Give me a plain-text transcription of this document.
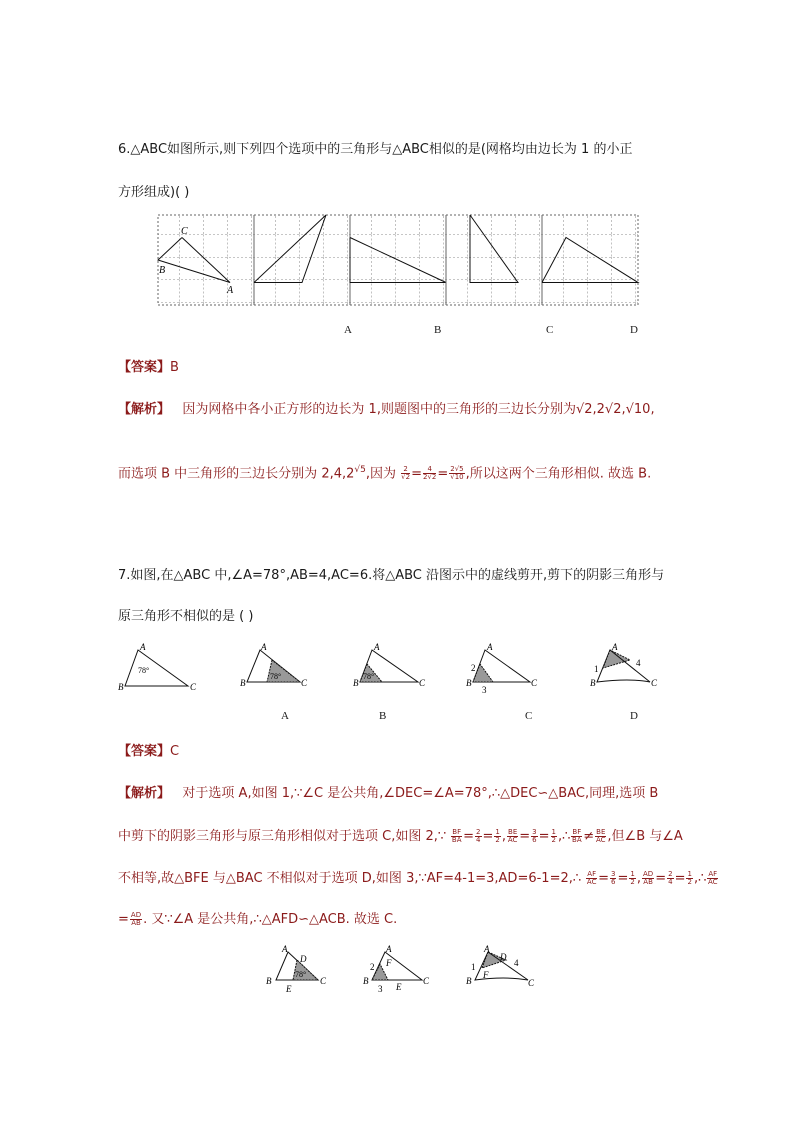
6.△ABC如图所示,则下列四个选项中的三角形与△ABC相似的是(网格均由边长为 1 的小正
方形组成)( )
C
B
A
A	B	C	D
【答案】B
【解析】 因为网格中各小正方形的边长为 1,则题图中的三角形的三边长分别为√2,2√2,√10,
而选项 B 中三角形的三边长分别为 $2,4,2^{√5}$,因为 $\frac{2}{√2} = \frac{4}{2√2} = \frac{2√5}{√10}$ ,所以这两个三角形相似. 故选 B.
7.如图,在△ABC 中,∠A=78°,AB=4,AC=6.将△ABC 沿图示中的虚线剪开,剪下的阴影三角形与
原三角形不相似的是 ( )
A
B	C
78°
A
B	C
78°
A
B	C
78°
A
B	C
2
3
A
B	C
1
4
A	B	C	D
【答案】C
【解析】 对于选项 A,如图 1,∵∠C 是公共角,∠DEC=∠A=78°,∴△DEC∽△BAC,同理,选项 B
中剪下的阴影三角形与原三角形相似对于选项 C,如图 2,∵ $\frac{BF}{BA} = \frac{2}{4} = \frac{1}{2}$ , $\frac{BE}{AC} = \frac{3}{6} = \frac{1}{2}$ ,∴ $\frac{BF}{BA} \ne \frac{BE}{AC}$ ,但∠B 与∠A
不相等,故△BFE 与△BAC 不相似对于选项 D,如图 3,∵AF=4-1=3,AD=6-1=2,∴ $\frac{AF}{AC} = \frac{3}{6} = \frac{1}{2}$ , $\frac{AD}{AB} = \frac{2}{4} = \frac{1}{2}$ ,∴ $\frac{AF}{AC}$
= $\frac{AD}{AB}$ . 又∵∠A 是公共角,∴△AFD∽△ACB. 故选 C.
A
B	C
D
E
78°
A
B	C
F
E
2
3
A
B	C
D
F
1	4
